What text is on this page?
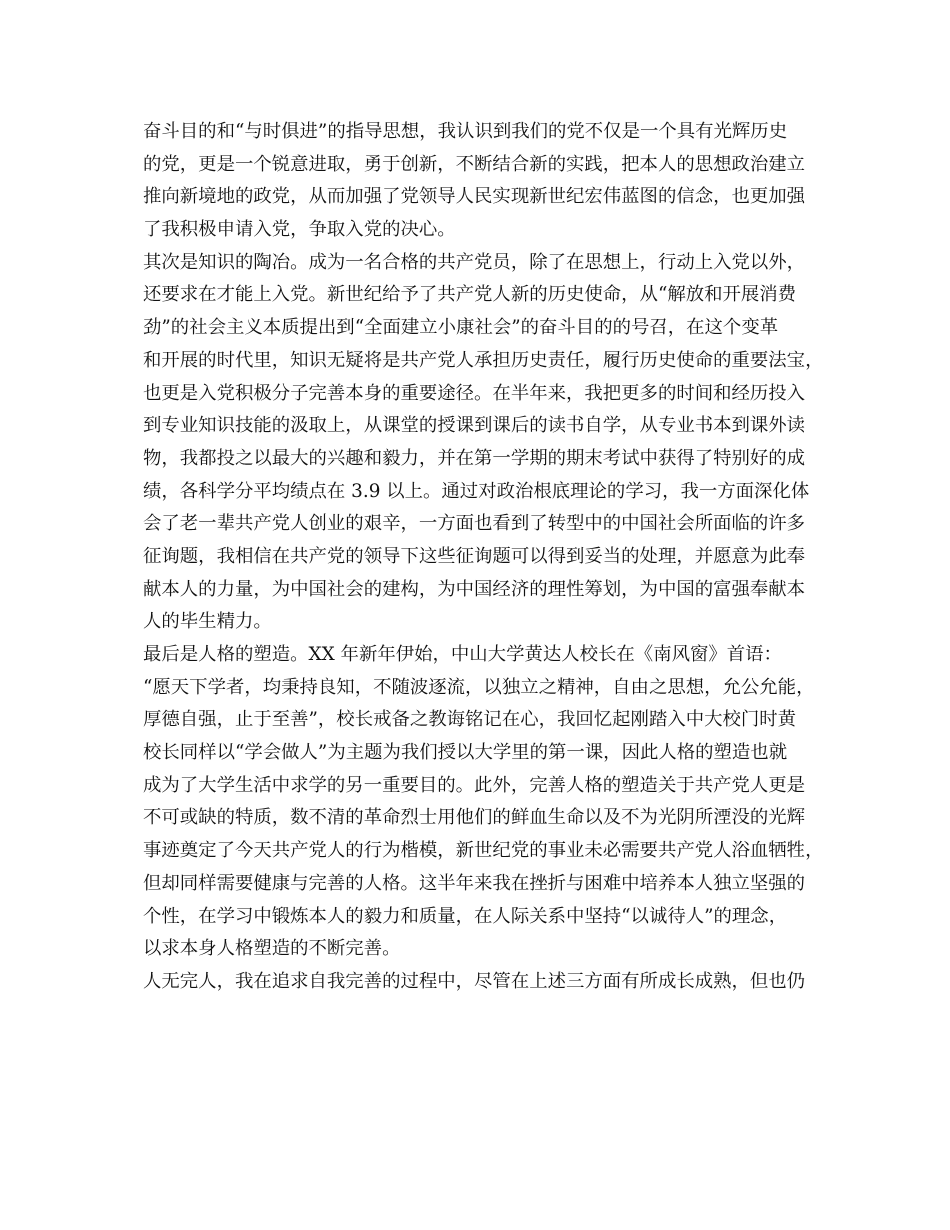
奋斗目的和“与时俱进”的指导思想，我认识到我们的党不仅是一个具有光辉历史
的党，更是一个锐意进取，勇于创新，不断结合新的实践，把本人的思想政治建立
推向新境地的政党，从而加强了党领导人民实现新世纪宏伟蓝图的信念，也更加强
了我积极申请入党，争取入党的决心。
其次是知识的陶冶。成为一名合格的共产党员，除了在思想上，行动上入党以外，
还要求在才能上入党。新世纪给予了共产党人新的历史使命，从“解放和开展消费
劲”的社会主义本质提出到“全面建立小康社会”的奋斗目的的号召，在这个变革
和开展的时代里，知识无疑将是共产党人承担历史责任，履行历史使命的重要法宝，
也更是入党积极分子完善本身的重要途径。在半年来，我把更多的时间和经历投入
到专业知识技能的汲取上，从课堂的授课到课后的读书自学，从专业书本到课外读
物，我都投之以最大的兴趣和毅力，并在第一学期的期末考试中获得了特别好的成
绩，各科学分平均绩点在 3.9 以上。通过对政治根底理论的学习，我一方面深化体
会了老一辈共产党人创业的艰辛，一方面也看到了转型中的中国社会所面临的许多
征询题，我相信在共产党的领导下这些征询题可以得到妥当的处理，并愿意为此奉
献本人的力量，为中国社会的建构，为中国经济的理性筹划，为中国的富强奉献本
人的毕生精力。
最后是人格的塑造。XX 年新年伊始，中山大学黄达人校长在《南风窗》首语：
“愿天下学者，均秉持良知，不随波逐流，以独立之精神，自由之思想，允公允能，
厚德自强，止于至善”，校长戒备之教诲铭记在心，我回忆起刚踏入中大校门时黄
校长同样以“学会做人”为主题为我们授以大学里的第一课，因此人格的塑造也就
成为了大学生活中求学的另一重要目的。此外，完善人格的塑造关于共产党人更是
不可或缺的特质，数不清的革命烈士用他们的鲜血生命以及不为光阴所湮没的光辉
事迹奠定了今天共产党人的行为楷模，新世纪党的事业未必需要共产党人浴血牺牲，
但却同样需要健康与完善的人格。这半年来我在挫折与困难中培养本人独立坚强的
个性，在学习中锻炼本人的毅力和质量，在人际关系中坚持“以诚待人”的理念，
以求本身人格塑造的不断完善。
人无完人，我在追求自我完善的过程中，尽管在上述三方面有所成长成熟，但也仍
